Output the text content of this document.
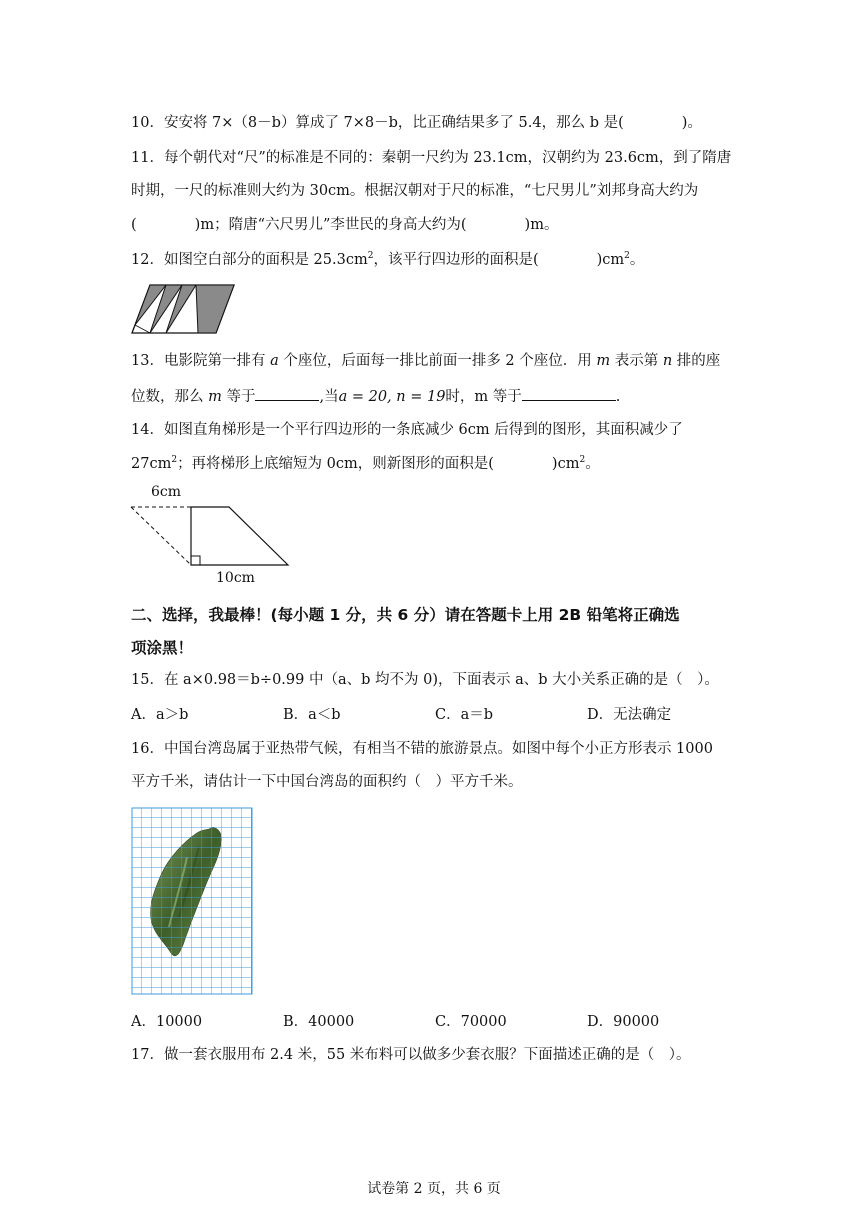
10．安安将 7×（8－b）算成了 7×8－b，比正确结果多了 5.4，那么 b 是(　　　　)。
11．每个朝代对“尺”的标准是不同的：秦朝一尺约为 23.1cm，汉朝约为 23.6cm，到了隋唐
时期，一尺的标准则大约为 30cm。根据汉朝对于尺的标准，“七尺男儿”刘邦身高大约为
(　　　　)m；隋唐“六尺男儿”李世民的身高大约为(　　　　)m。
12．如图空白部分的面积是 $25.3cm^2$，该平行四边形的面积是(　　　　)$cm^2$。
13．电影院第一排有 a 个座位，后面每一排比前面一排多 2 个座位．用 m 表示第 n 排的座
位数，那么 m 等于	,当a = 20, n = 19时，m 等于	.
14．如图直角梯形是一个平行四边形的一条底减少 6cm 后得到的图形，其面积减少了
$27cm^2$；再将梯形上底缩短为 0cm，则新图形的面积是(　　　　)$cm^2$。
6cm
10cm
二、选择，我最棒！(每小题 1 分，共 6 分）请在答题卡上用 2B 铅笔将正确选
项涂黑！
15．在 a×0.98＝b÷0.99 中（a、b 均不为 0)，下面表示 a、b 大小关系正确的是（　）。
A．a＞b	B．a＜b	C．a＝b	D．无法确定
16．中国台湾岛属于亚热带气候，有相当不错的旅游景点。如图中每个小正方形表示 1000
平方千米，请估计一下中国台湾岛的面积约（　）平方千米。
A．10000	B．40000	C．70000	D．90000
17．做一套衣服用布 2.4 米，55 米布料可以做多少套衣服？下面描述正确的是（　）。
试卷第 2 页，共 6 页
